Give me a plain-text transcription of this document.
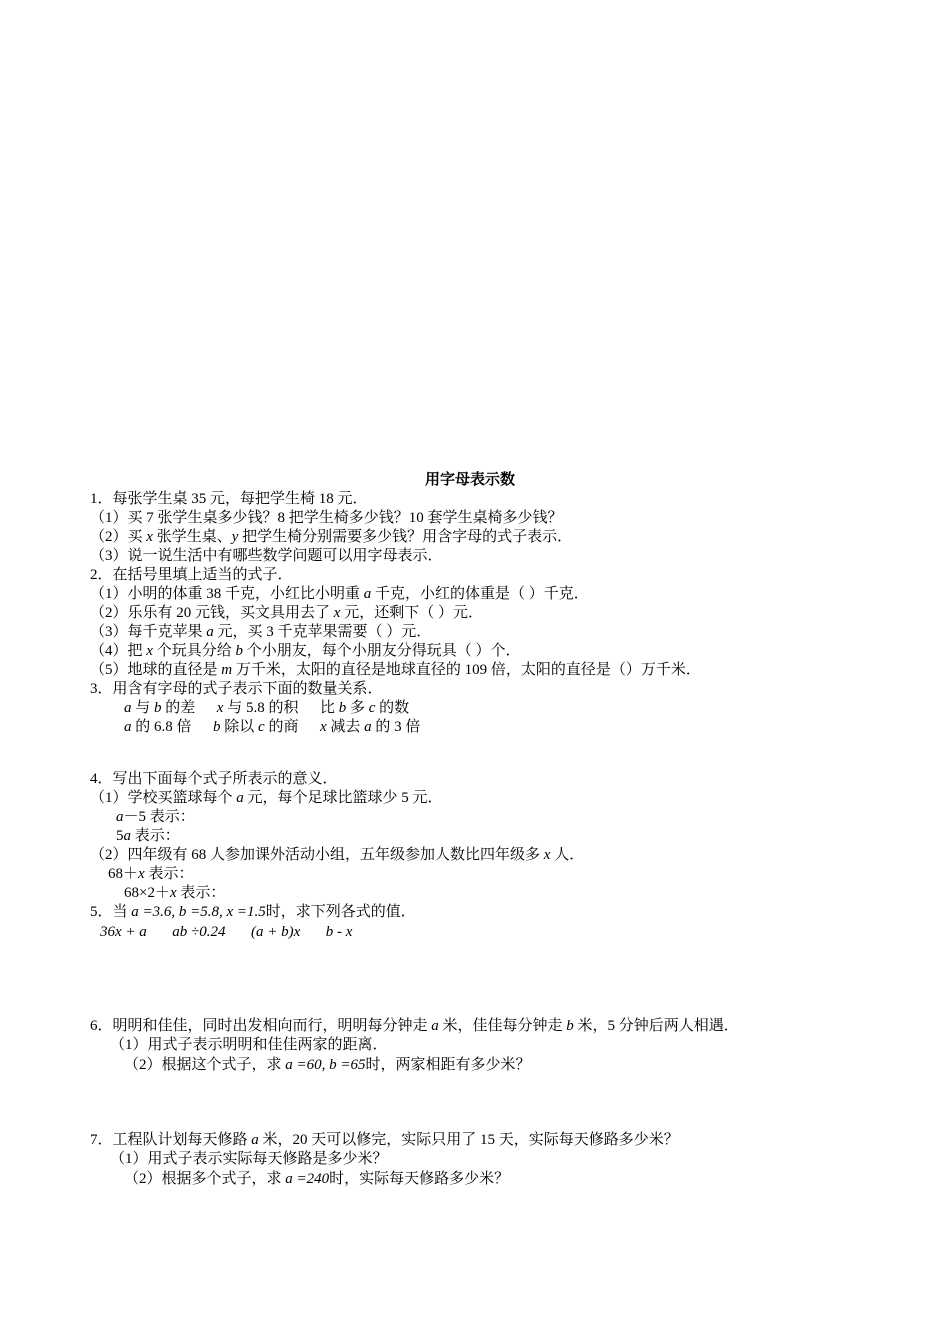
用字母表示数
1．每张学生桌 35 元，每把学生椅 18 元．
（1）买 7 张学生桌多少钱？8 把学生椅多少钱？10 套学生桌椅多少钱？
（2）买 x 张学生桌、y 把学生椅分别需要多少钱？用含字母的式子表示．
（3）说一说生活中有哪些数学问题可以用字母表示．
2．在括号里填上适当的式子．
（1）小明的体重 38 千克，小红比小明重 a 千克，小红的体重是（ ）千克．
（2）乐乐有 20 元钱，买文具用去了 x 元，还剩下（ ）元．
（3）每千克苹果 a 元，买 3 千克苹果需要（ ）元．
（4）把 x 个玩具分给 b 个小朋友，每个小朋友分得玩具（ ）个．
（5）地球的直径是 m 万千米，太阳的直径是地球直径的 109 倍，太阳的直径是（）万千米．
3．用含有字母的式子表示下面的数量关系．
a 与 b 的差 x 与 5.8 的积 比 b 多 c 的数
a 的 6.8 倍 b 除以 c 的商 x 减去 a 的 3 倍
4．写出下面每个式子所表示的意义．
（1）学校买篮球每个 a 元，每个足球比篮球少 5 元．
a－5 表示：
5a 表示：
（2）四年级有 68 人参加课外活动小组，五年级参加人数比四年级多 x 人．
68＋x 表示：
68×2＋x 表示：
5．当 a =3.6, b =5.8, x =1.5时，求下列各式的值．
36x + a ab ÷0.24 (a + b)x b - x
6．明明和佳佳，同时出发相向而行，明明每分钟走 a 米，佳佳每分钟走 b 米，5 分钟后两人相遇．
（1）用式子表示明明和佳佳两家的距离．
（2）根据这个式子，求 a =60, b =65时，两家相距有多少米？
7．工程队计划每天修路 a 米，20 天可以修完，实际只用了 15 天，实际每天修路多少米？
（1）用式子表示实际每天修路是多少米？
（2）根据多个式子，求 a =240时，实际每天修路多少米？
